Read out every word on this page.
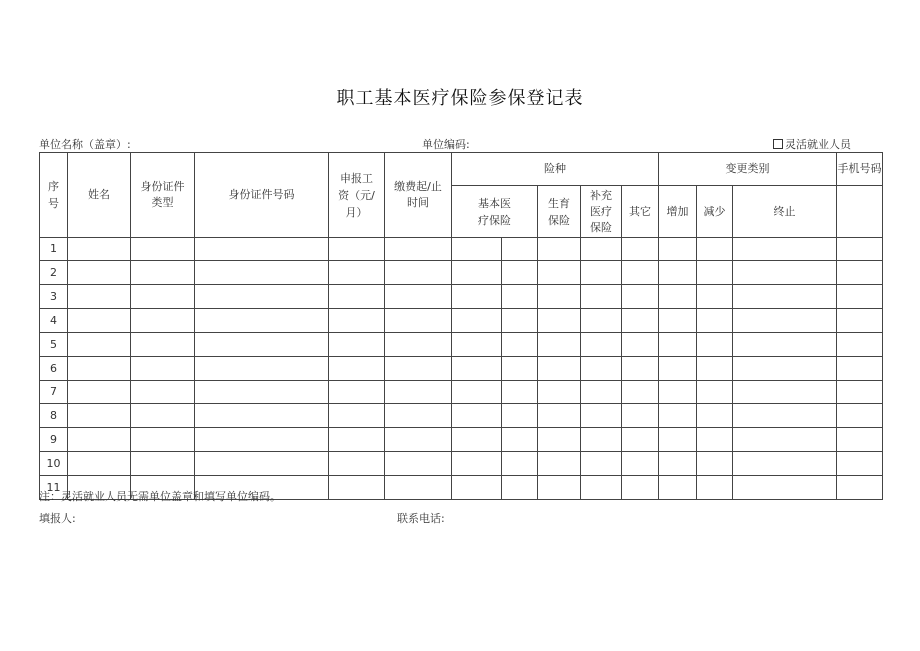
职工基本医疗保险参保登记表
单位名称（盖章）:	单位编码:	灵活就业人员
序号	姓名	身份证件类型	身份证件号码	申报工资（元/月）	缴费起/止时间	险种					变更类别			手机号码	

						基本医疗保险		生育保险	补充医疗保险	其它	增加	减少	终止		
1															
2															
3															
4															
5															
6															
7															
8															
9															
10															
11															
注：灵活就业人员无需单位盖章和填写单位编码。
填报人:	联系电话:
